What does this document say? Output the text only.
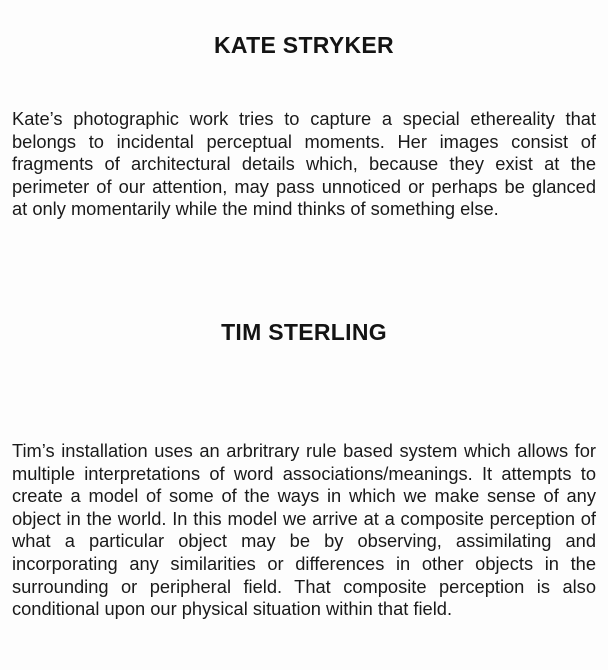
KATE STRYKER

Kate’s photographic work tries to capture a special ethereality that belongs to incidental perceptual moments. Her images consist of fragments of architectural details which, because they exist at the perimeter of our attention, may pass unnoticed or perhaps be glanced at only momentarily while the mind thinks of something else.

TIM STERLING

Tim’s installation uses an arbritrary rule based system which allows for multiple interpretations of word associations/meanings. It attempts to create a model of some of the ways in which we make sense of any object in the world. In this model we arrive at a composite perception of what a particular object may be by observing, assimilating and incorporating any similarities or differences in other objects in the surrounding or peripheral field. That composite perception is also conditional upon our physical situation within that field.
